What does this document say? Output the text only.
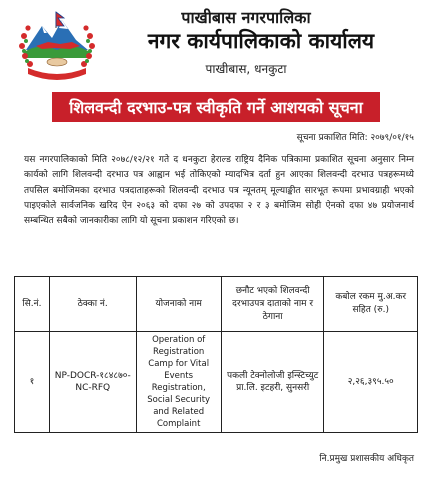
पाखीबास नगरपालिका
नगर कार्यपालिकाको कार्यालय
पाखीबास, धनकुटा
शिलवन्दी दरभाउ-पत्र स्वीकृति गर्ने आशयको सूचना
सूचना प्रकाशित मिति: २०७९/०१/१५

यस नगरपालिकाको मिति २०७८/१२/२१ गते द धनकुटा हेराल्ड राष्ट्रिय दैनिक पत्रिकामा प्रकाशित सूचना अनुसार निम्न कार्यको लागि शिलवन्दी दरभाउ पत्र आह्वान भई तोकिएको म्यादभित्र दर्ता हुन आएका शिलवन्दी दरभाउ पत्रहरूमध्ये तपसिल बमोजिमका दरभाउ पत्रदाताहरूको शिलवन्दी दरभाउ पत्र न्यूनतम् मूल्याङ्कीत सारभूत रूपमा प्रभावग्राही भएको पाइएकोले सार्वजनिक खरिद ऐन २०६३ को दफा २७ को उपदफा २ र ३ बमोजिम सोही ऐनको दफा ४७ प्रयोजनार्थ सम्बन्धित सबैको जानकारीका लागि यो सूचना प्रकाशन गरिएको छ।

सि.नं.	ठेक्का नं.	योजनाको नाम	छनौट भएको शिलवन्दी दरभाउपत्र दाताको नाम र ठेगाना	कबोल रकम मु.अ.कर सहित (रु.)
१	NP-DOCR-१८४८७०-NC-RFQ	Operation of Registration Camp for Vital Events Registration, Social Security and Related Complaint	पकली टेक्नोलोजी इन्स्टिच्युट प्रा.लि. इटहरी, सुनसरी	२,२६,३९५.५०
नि.प्रमुख प्रशासकीय अधिकृत
